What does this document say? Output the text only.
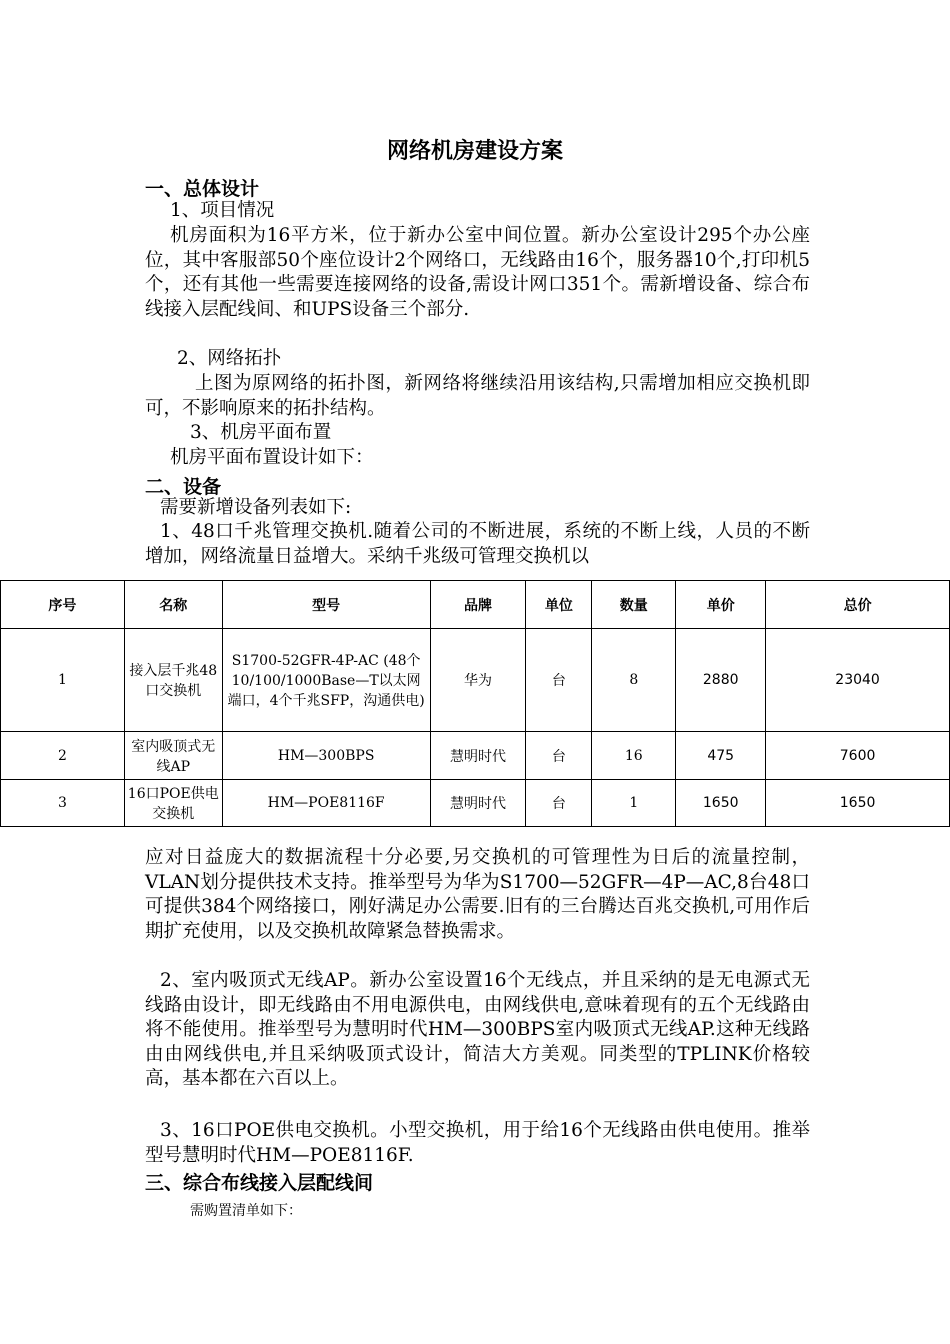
网络机房建设方案
一、总体设计
1、项目情况
机房面积为16平方米，位于新办公室中间位置。新办公室设计295个办公座位，其中客服部50个座位设计2个网络口，无线路由16个，服务器10个,打印机5个，还有其他一些需要连接网络的设备,需设计网口351个。需新增设备、综合布线接入层配线间、和UPS设备三个部分.
2、网络拓扑
上图为原网络的拓扑图，新网络将继续沿用该结构,只需增加相应交换机即可，不影响原来的拓扑结构。
3、机房平面布置
机房平面布置设计如下：
二、设备
需要新增设备列表如下:
1、48口千兆管理交换机.随着公司的不断进展，系统的不断上线，人员的不断增加，网络流量日益增大。采纳千兆级可管理交换机以
序号	名称	型号	品牌	单位	数量	单价	总价
1	接入层千兆48口交换机	S1700-52GFR-4P-AC (48个10/100/1000Base—T以太网端口，4个千兆SFP，沟通供电)	华为	台	8	2880	23040
2	室内吸顶式无线AP	HM—300BPS	慧明时代	台	16	475	7600
3	16口POE供电交换机	HM—POE8116F	慧明时代	台	1	1650	1650
应对日益庞大的数据流程十分必要,另交换机的可管理性为日后的流量控制，VLAN划分提供技术支持。推举型号为华为S1700—52GFR—4P—AC,8台48口可提供384个网络接口，刚好满足办公需要.旧有的三台腾达百兆交换机,可用作后期扩充使用，以及交换机故障紧急替换需求。
2、室内吸顶式无线AP。新办公室设置16个无线点，并且采纳的是无电源式无线路由设计，即无线路由不用电源供电，由网线供电,意味着现有的五个无线路由将不能使用。推举型号为慧明时代HM—300BPS室内吸顶式无线AP.这种无线路由由网线供电,并且采纳吸顶式设计，简洁大方美观。同类型的TPLINK价格较高，基本都在六百以上。
3、16口POE供电交换机。小型交换机，用于给16个无线路由供电使用。推举型号慧明时代HM—POE8116F.
三、综合布线接入层配线间
需购置清单如下：
